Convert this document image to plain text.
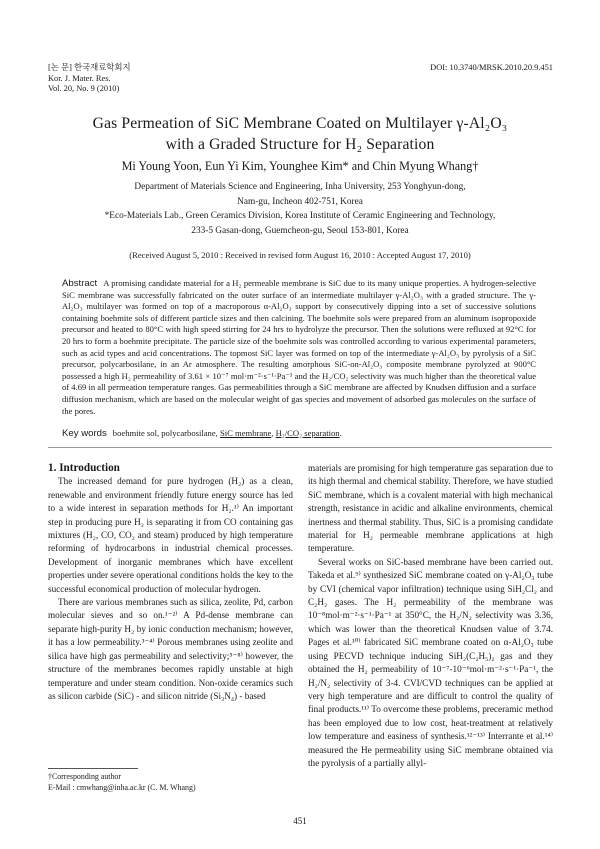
[논 문] 한국재료학회지
Kor. J. Mater. Res.
Vol. 20, No. 9 (2010)
DOI: 10.3740/MRSK.2010.20.9.451
Gas Permeation of SiC Membrane Coated on Multilayer γ-Al₂O₃
with a Graded Structure for H₂ Separation
Mi Young Yoon, Eun Yi Kim, Younghee Kim* and Chin Myung Whang†
Department of Materials Science and Engineering, Inha University, 253 Yonghyun-dong,
Nam-gu, Incheon 402-751, Korea
*Eco-Materials Lab., Green Ceramics Division, Korea Institute of Ceramic Engineering and Technology,
233-5 Gasan-dong, Guemcheon-gu, Seoul 153-801, Korea
(Received August 5, 2010 : Received in revised form August 16, 2010 : Accepted August 17, 2010)
Abstract A promising candidate material for a H₂ permeable membrane is SiC due to its many unique properties. A hydrogen-selective SiC membrane was successfully fabricated on the outer surface of an intermediate multilayer γ-Al₂O₃ with a graded structure. The γ-Al₂O₃ multilayer was formed on top of a macroporous α-Al₂O₃ support by consecutively dipping into a set of successive solutions containing boehmite sols of different particle sizes and then calcining. The boehmite sols were prepared from an aluminum isopropoxide precursor and heated to 80°C with high speed stirring for 24 hrs to hydrolyze the precursor. Then the solutions were refluxed at 92°C for 20 hrs to form a boehmite precipitate. The particle size of the boehmite sols was controlled according to various experimental parameters, such as acid types and acid concentrations. The topmost SiC layer was formed on top of the intermediate γ-Al₂O₃ by pyrolysis of a SiC precursor, polycarbosilane, in an Ar atmosphere. The resulting amorphous SiC-on-Al₂O₃ composite membrane pyrolyzed at 900°C possessed a high H₂ permeability of 3.61 × 10⁻⁷ mol·m⁻²·s⁻¹·Pa⁻¹ and the H₂/CO₂ selectivity was much higher than the theoretical value of 4.69 in all permeation temperature ranges. Gas permeabilities through a SiC membrane are affected by Knudsen diffusion and a surface diffusion mechanism, which are based on the molecular weight of gas species and movement of adsorbed gas molecules on the surface of the pores.
Key words boehmite sol, polycarbosilane, SiC membrane, H₂/CO₂ separation.

1. Introduction

The increased demand for pure hydrogen (H₂) as a clean, renewable and environment friendly future energy source has led to a wide interest in separation methods for H₂.¹⁾ An important step in producing pure H₂ is separating it from CO containing gas mixtures (H₂, CO, CO₂ and steam) produced by high temperature reforming of hydrocarbons in industrial chemical processes. Development of inorganic membranes which have excellent properties under severe operational conditions holds the key to the successful economical production of molecular hydrogen.

There are various membranes such as silica, zeolite, Pd, carbon molecular sieves and so on.¹⁻²⁾ A Pd-dense membrane can separate high-purity H₂ by ionic conduction mechanism; however, it has a low permeability.³⁻⁴⁾ Porous membranes using zeolite and silica have high gas permeability and selectivity;⁵⁻⁸⁾ however, the structure of the membranes becomes rapidly unstable at high temperature and under steam condition. Non-oxide ceramics such as silicon carbide (SiC) - and silicon nitride (Si₃N₄) - based

materials are promising for high temperature gas separation due to its high thermal and chemical stability. Therefore, we have studied SiC membrane, which is a covalent material with high mechanical strength, resistance in acidic and alkaline environments, chemical inertness and thermal stability. Thus, SiC is a promising candidate material for H₂ permeable membrane applications at high temperature.

Several works on SiC-based membrane have been carried out. Takeda et al.⁹⁾ synthesized SiC membrane coated on γ-Al₂O₃ tube by CVI (chemical vapor infiltration) technique using SiH₂Cl₂ and C₂H₂ gases. The H₂ permeability of the membrane was 10⁻⁸mol·m⁻²·s⁻¹·Pa⁻¹ at 350°C, the H₂/N₂ selectivity was 3.36, which was lower than the theoretical Knudsen value of 3.74. Pages et al.¹⁰⁾ fabricated SiC membrane coated on α-Al₂O₃ tube using PECVD technique inducing SiH₂(C₂H₅)₂ gas and they obtained the H₂ permeability of 10⁻⁷-10⁻⁶mol·m⁻²·s⁻¹·Pa⁻¹, the H₂/N₂ selectivity of 3-4. CVI/CVD techniques can be applied at very high temperature and are difficult to control the quality of final products.¹¹⁾ To overcome these problems, preceramic method has been employed due to low cost, heat-treatment at relatively low temperature and easiness of synthesis.¹²⁻¹³⁾ Interrante et al.¹⁴⁾ measured the He permeability using SiC membrane obtained via the pyrolysis of a partially allyl-

†Corresponding author
E-Mail : cmwhang@inha.ac.kr (C. M. Whang)
451
